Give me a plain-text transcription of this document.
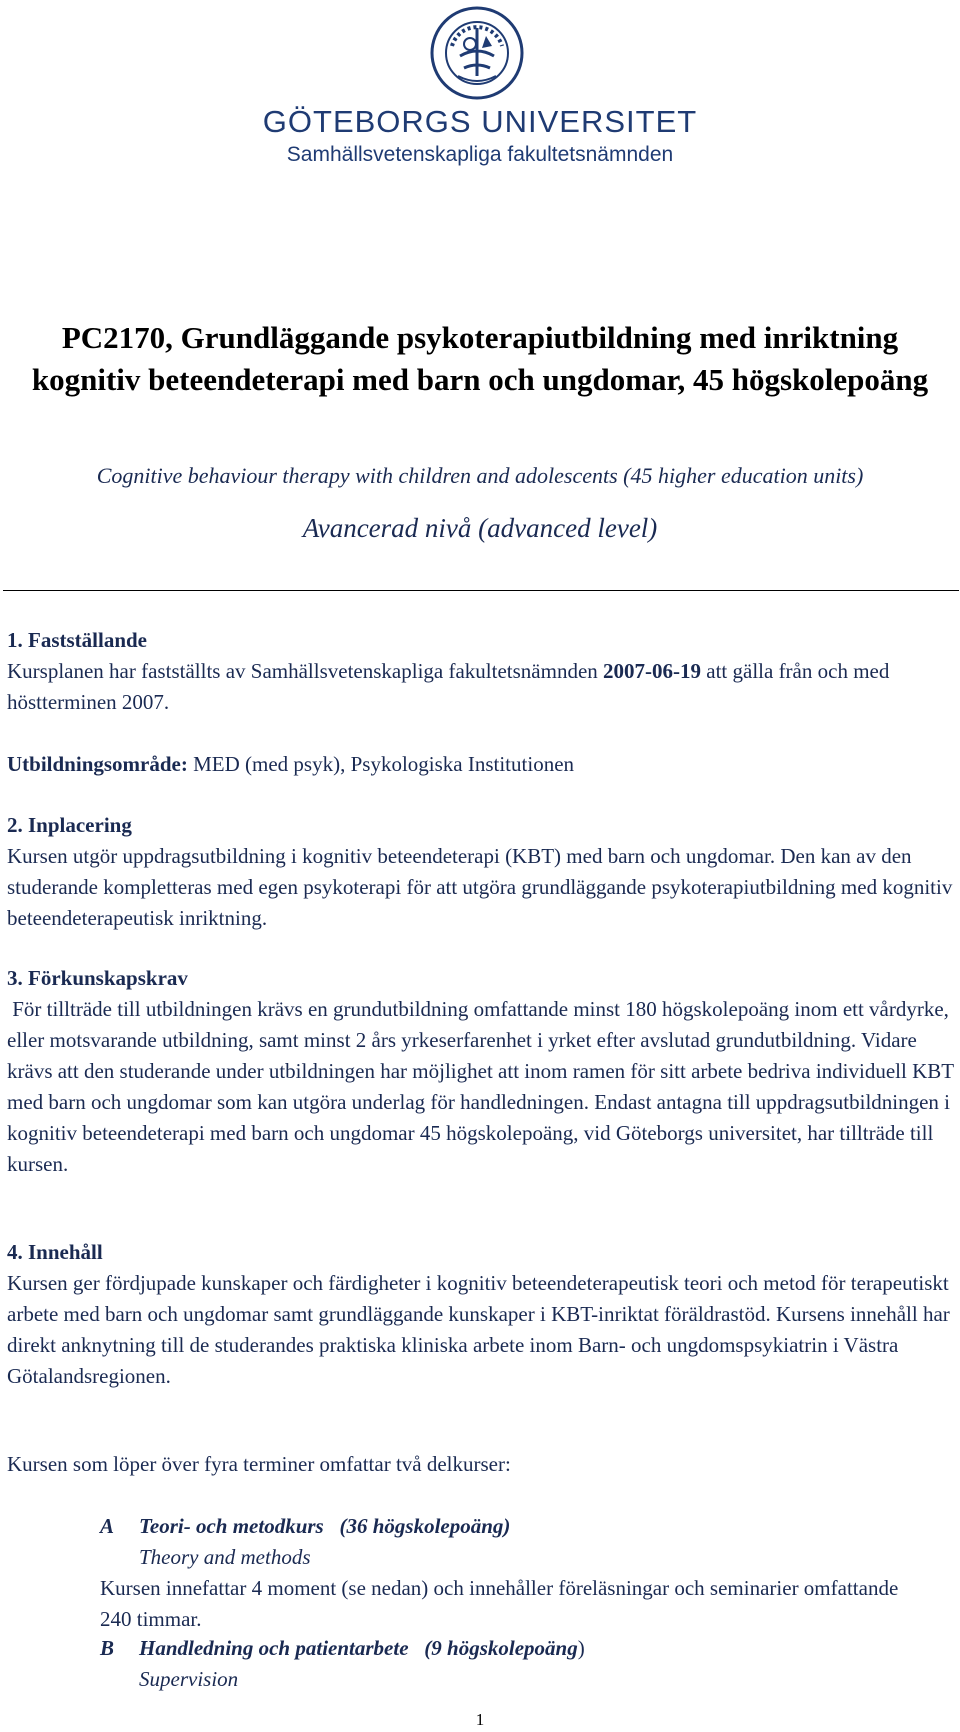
GÖTEBORGS UNIVERSITET
Samhällsvetenskapliga fakultetsnämnden
PC2170, Grundläggande psykoterapiutbildning med inriktning kognitiv beteendeterapi med barn och ungdomar, 45 högskolepoäng
Cognitive behaviour therapy with children and adolescents (45 higher education units)
Avancerad nivå (advanced level)
1. Fastställande
Kursplanen har fastställts av Samhällsvetenskapliga fakultetsnämnden 2007-06-19 att gälla från och med höstterminen 2007.
Utbildningsområde: MED (med psyk), Psykologiska Institutionen
2. Inplacering
Kursen utgör uppdragsutbildning i kognitiv beteendeterapi (KBT) med barn och ungdomar. Den kan av den studerande kompletteras med egen psykoterapi för att utgöra grundläggande psykoterapiutbildning med kognitiv beteendeterapeutisk inriktning.
3. Förkunskapskrav
För tillträde till utbildningen krävs en grundutbildning omfattande minst 180 högskolepoäng inom ett vårdyrke, eller motsvarande utbildning, samt minst 2 års yrkeserfarenhet i yrket efter avslutad grundutbildning. Vidare krävs att den studerande under utbildningen har möjlighet att inom ramen för sitt arbete bedriva individuell KBT med barn och ungdomar som kan utgöra underlag för handledningen. Endast antagna till uppdragsutbildningen i kognitiv beteendeterapi med barn och ungdomar 45 högskolepoäng, vid Göteborgs universitet, har tillträde till kursen.
4. Innehåll
Kursen ger fördjupade kunskaper och färdigheter i kognitiv beteendeterapeutisk teori och metod för terapeutiskt arbete med barn och ungdomar samt grundläggande kunskaper i KBT-inriktat föräldrastöd. Kursens innehåll har direkt anknytning till de studerandes praktiska kliniska arbete inom Barn- och ungdomspsykiatrin i Västra Götalandsregionen.
Kursen som löper över fyra terminer omfattar två delkurser:
A Teori- och metodkurs (36 högskolepoäng)
Theory and methods
Kursen innefattar 4 moment (se nedan) och innehåller föreläsningar och seminarier omfattande 240 timmar.
B Handledning och patientarbete (9 högskolepoäng)
Supervision
1
